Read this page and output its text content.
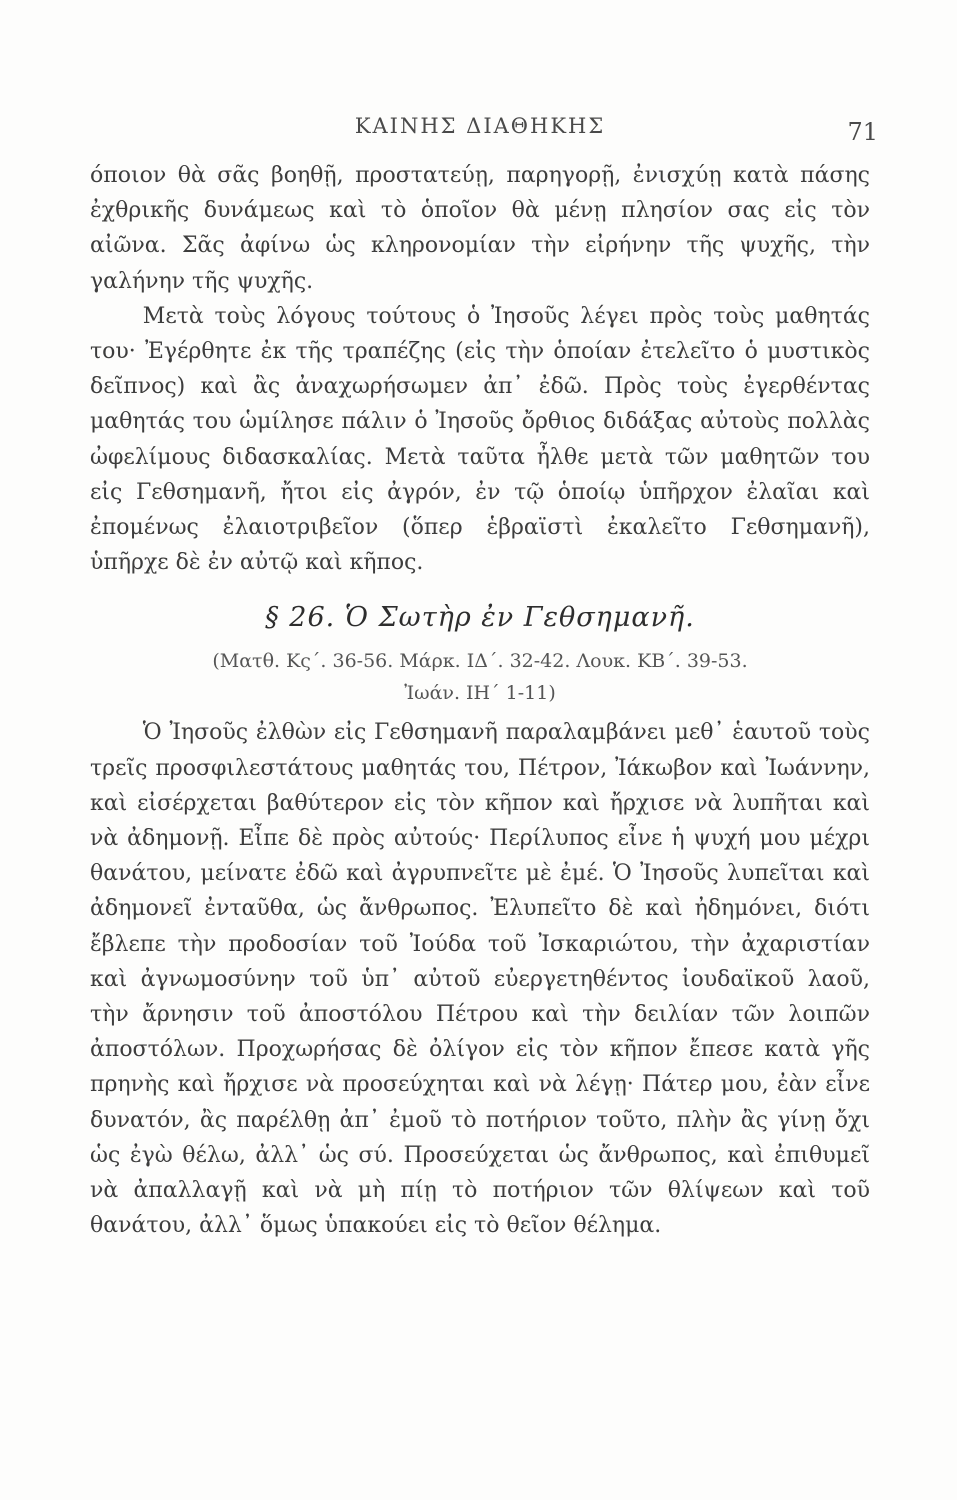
ΚΑΙΝΗΣ ΔΙΑΘΗΚΗΣ	71

όποιον θὰ σᾶς βοηθῇ, προστατεύῃ, παρηγορῇ, ἐνισχύῃ κατὰ πάσης ἐχθρικῆς δυνάμεως καὶ τὸ ὁποῖον θὰ μένῃ πλησίον σας εἰς τὸν αἰῶνα. Σᾶς ἀφίνω ὡς κληρονομίαν τὴν εἰρήνην τῆς ψυχῆς, τὴν γαλήνην τῆς ψυχῆς.

Μετὰ τοὺς λόγους τούτους ὁ Ἰησοῦς λέγει πρὸς τοὺς μαθητάς του· Ἐγέρθητε ἐκ τῆς τραπέζης (εἰς τὴν ὁποίαν ἐτελεῖτο ὁ μυστικὸς δεῖπνος) καὶ ἂς ἀναχωρήσωμεν ἀπ᾽ ἐδῶ. Πρὸς τοὺς ἐγερθέντας μαθητάς του ὡμίλησε πάλιν ὁ Ἰησοῦς ὄρθιος διδάξας αὐτοὺς πολλὰς ὠφελίμους διδασκαλίας. Μετὰ ταῦτα ἦλθε μετὰ τῶν μαθητῶν του εἰς Γεθσημανῆ, ἤτοι εἰς ἀγρόν, ἐν τῷ ὁποίῳ ὑπῆρχον ἐλαῖαι καὶ ἐπομένως ἐλαιοτριβεῖον (ὅπερ ἑβραϊστὶ ἐκαλεῖτο Γεθσημανῆ), ὑπῆρχε δὲ ἐν αὐτῷ καὶ κῆπος.

§ 26. Ὁ Σωτὴρ ἐν Γεθσημανῆ.
(Ματθ. Κς΄. 36-56. Μάρκ. ΙΔ΄. 32-42. Λουκ. ΚΒ΄. 39-53.
Ἰωάν. ΙΗ΄ 1-11)

Ὁ Ἰησοῦς ἐλθὼν εἰς Γεθσημανῆ παραλαμβάνει μεθ᾽ ἑαυτοῦ τοὺς τρεῖς προσφιλεστάτους μαθητάς του, Πέτρον, Ἰάκωβον καὶ Ἰωάννην, καὶ εἰσέρχεται βαθύτερον εἰς τὸν κῆπον καὶ ἤρχισε νὰ λυπῆται καὶ νὰ ἀδημονῇ. Εἶπε δὲ πρὸς αὐτούς· Περίλυπος εἶνε ἡ ψυχή μου μέχρι θανάτου, μείνατε ἐδῶ καὶ ἀγρυπνεῖτε μὲ ἐμέ. Ὁ Ἰησοῦς λυπεῖται καὶ ἀδημονεῖ ἐνταῦθα, ὡς ἄνθρωπος. Ἐλυπεῖτο δὲ καὶ ἠδημόνει, διότι ἔβλεπε τὴν προδοσίαν τοῦ Ἰούδα τοῦ Ἰσκαριώτου, τὴν ἀχαριστίαν καὶ ἀγνωμοσύνην τοῦ ὑπ᾽ αὐτοῦ εὐεργετηθέντος ἰουδαϊκοῦ λαοῦ, τὴν ἄρνησιν τοῦ ἀποστόλου Πέτρου καὶ τὴν δειλίαν τῶν λοιπῶν ἀποστόλων. Προχωρήσας δὲ ὀλίγον εἰς τὸν κῆπον ἔπεσε κατὰ γῆς πρηνὴς καὶ ἤρχισε νὰ προσεύχηται καὶ νὰ λέγῃ· Πάτερ μου, ἐὰν εἶνε δυνατόν, ἂς παρέλθῃ ἀπ᾽ ἐμοῦ τὸ ποτήριον τοῦτο, πλὴν ἂς γίνῃ ὄχι ὡς ἐγὼ θέλω, ἀλλ᾽ ὡς σύ. Προσεύχεται ὡς ἄνθρωπος, καὶ ἐπιθυμεῖ νὰ ἀπαλλαγῇ καὶ νὰ μὴ πίῃ τὸ ποτήριον τῶν θλίψεων καὶ τοῦ θανάτου, ἀλλ᾽ ὅμως ὑπακούει εἰς τὸ θεῖον θέλημα.
